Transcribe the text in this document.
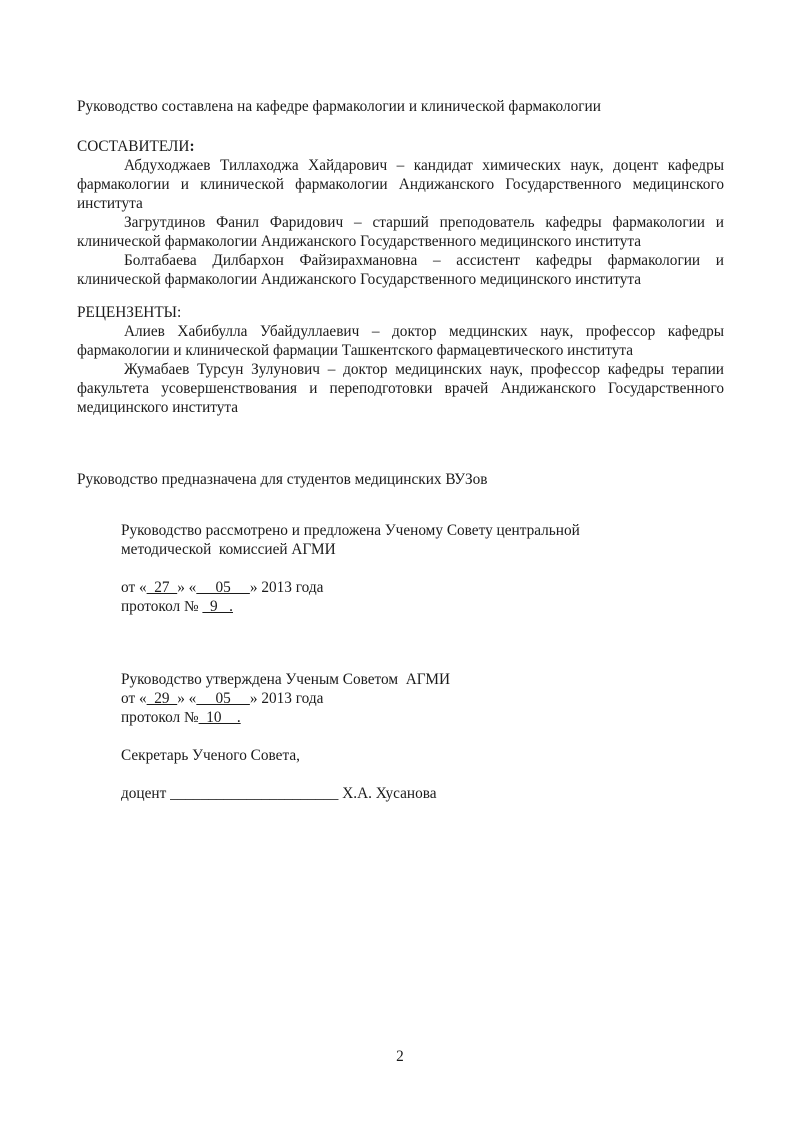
Руководство составлена на кафедре фармакологии и клинической фармакологии
СОСТАВИТЕЛИ:
Абдуходжаев Тиллаходжа Хайдарович – кандидат химических наук, доцент кафедры фармакологии и клинической фармакологии Андижанского Государственного медицинского института
Загрутдинов Фанил Фаридович – старший преподователь кафедры фармакологии и клинической фармакологии Андижанского Государственного медицинского института
Болтабаева Дилбархон Файзирахмановна – ассистент кафедры фармакологии и клинической фармакологии Андижанского Государственного медицинского института
РЕЦЕНЗЕНТЫ:
Алиев Хабибулла Убайдуллаевич – доктор медцинских наук, профессор кафедры фармакологии и клинической фармации Ташкентского фармацевтического института
Жумабаев Турсун Зулунович – доктор медицинских наук, профессор кафедры терапии факультета усовершенствования и переподготовки врачей Андижанского Государственного медицинского института
Руководство предназначена для студентов медицинских ВУЗов
Руководство рассмотрено и предложена Ученому Совету центральной
методической  комиссией АГМИ
от «  27  » «     05     » 2013 года
протокол №   9   .
Руководство утверждена Ученым Советом  АГМИ
от «  29  » «     05     » 2013 года
протокол №  10    .
Секретарь Ученого Совета,
доцент ______________________ Х.А. Хусанова
2
